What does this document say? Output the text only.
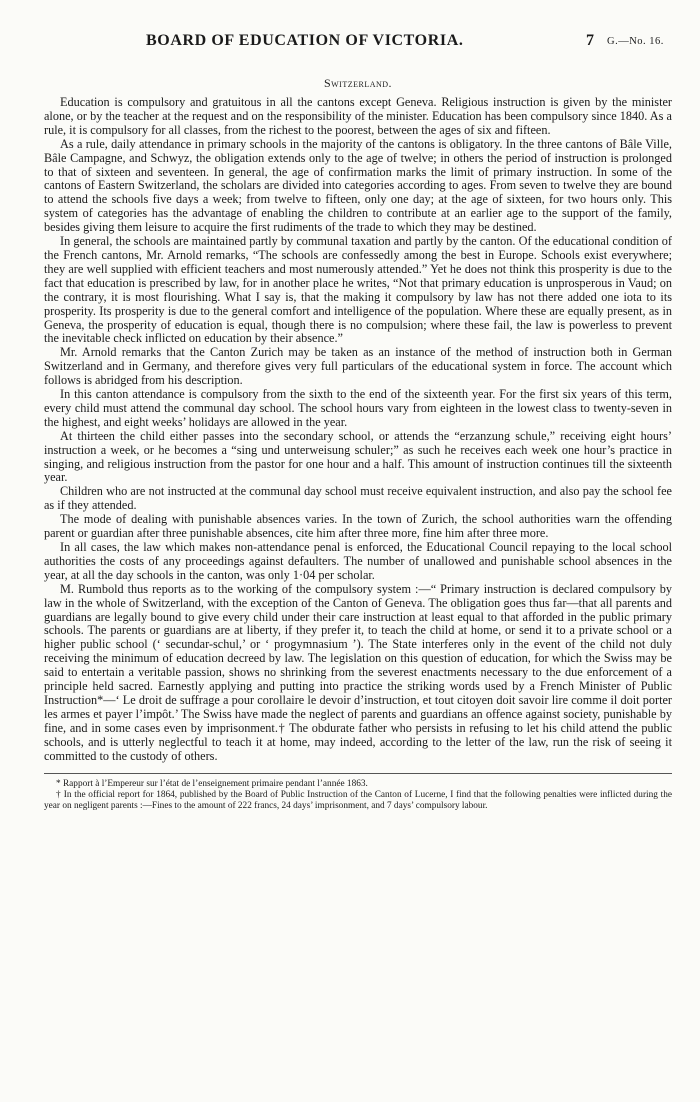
BOARD OF EDUCATION OF VICTORIA.	7 G.—No. 16.
Switzerland.

Education is compulsory and gratuitous in all the cantons except Geneva. Religious instruction is given by the minister alone, or by the teacher at the request and on the responsibility of the minister. Education has been compulsory since 1840. As a rule, it is compulsory for all classes, from the richest to the poorest, between the ages of six and fifteen.

As a rule, daily attendance in primary schools in the majority of the cantons is obligatory. In the three cantons of Bâle Ville, Bâle Campagne, and Schwyz, the obligation extends only to the age of twelve; in others the period of instruction is prolonged to that of sixteen and seventeen. In general, the age of confirmation marks the limit of primary instruction. In some of the cantons of Eastern Switzerland, the scholars are divided into categories according to ages. From seven to twelve they are bound to attend the schools five days a week; from twelve to fifteen, only one day; at the age of sixteen, for two hours only. This system of categories has the advantage of enabling the children to contribute at an earlier age to the support of the family, besides giving them leisure to acquire the first rudiments of the trade to which they may be destined.

In general, the schools are maintained partly by communal taxation and partly by the canton. Of the educational condition of the French cantons, Mr. Arnold remarks, “The schools are confessedly among the best in Europe. Schools exist everywhere; they are well supplied with efficient teachers and most numerously attended.” Yet he does not think this prosperity is due to the fact that education is prescribed by law, for in another place he writes, “Not that primary education is unprosperous in Vaud; on the contrary, it is most flourishing. What I say is, that the making it compulsory by law has not there added one iota to its prosperity. Its prosperity is due to the general comfort and intelligence of the population. Where these are equally present, as in Geneva, the prosperity of education is equal, though there is no compulsion; where these fail, the law is powerless to prevent the inevitable check inflicted on education by their absence.”

Mr. Arnold remarks that the Canton Zurich may be taken as an instance of the method of instruction both in German Switzerland and in Germany, and therefore gives very full particulars of the educational system in force. The account which follows is abridged from his description.

In this canton attendance is compulsory from the sixth to the end of the sixteenth year. For the first six years of this term, every child must attend the communal day school. The school hours vary from eighteen in the lowest class to twenty-seven in the highest, and eight weeks’ holidays are allowed in the year.

At thirteen the child either passes into the secondary school, or attends the “erzanzung schule,” receiving eight hours’ instruction a week, or he becomes a “sing und unterweisung schuler;” as such he receives each week one hour’s practice in singing, and religious instruction from the pastor for one hour and a half. This amount of instruction continues till the sixteenth year.

Children who are not instructed at the communal day school must receive equivalent instruction, and also pay the school fee as if they attended.

The mode of dealing with punishable absences varies. In the town of Zurich, the school authorities warn the offending parent or guardian after three punishable absences, cite him after three more, fine him after three more.

In all cases, the law which makes non-attendance penal is enforced, the Educational Council repaying to the local school authorities the costs of any proceedings against defaulters. The number of unallowed and punishable school absences in the year, at all the day schools in the canton, was only 1·04 per scholar.

M. Rumbold thus reports as to the working of the compulsory system :—“ Primary instruction is declared compulsory by law in the whole of Switzerland, with the exception of the Canton of Geneva. The obligation goes thus far—that all parents and guardians are legally bound to give every child under their care instruction at least equal to that afforded in the public primary schools. The parents or guardians are at liberty, if they prefer it, to teach the child at home, or send it to a private school or a higher public school (‘ secundar-schul,’ or ‘ progymnasium ’). The State interferes only in the event of the child not duly receiving the minimum of education decreed by law. The legislation on this question of education, for which the Swiss may be said to entertain a veritable passion, shows no shrinking from the severest enactments necessary to the due enforcement of a principle held sacred. Earnestly applying and putting into practice the striking words used by a French Minister of Public Instruction*—‘ Le droit de suffrage a pour corollaire le devoir d’instruction, et tout citoyen doit savoir lire comme il doit porter les armes et payer l’impôt.’ The Swiss have made the neglect of parents and guardians an offence against society, punishable by fine, and in some cases even by imprisonment.† The obdurate father who persists in refusing to let his child attend the public schools, and is utterly neglectful to teach it at home, may indeed, according to the letter of the law, run the risk of seeing it committed to the custody of others.

* Rapport à l’Empereur sur l’état de l’enseignement primaire pendant l’année 1863.

† In the official report for 1864, published by the Board of Public Instruction of the Canton of Lucerne, I find that the following penalties were inflicted during the year on negligent parents :—Fines to the amount of 222 francs, 24 days’ imprisonment, and 7 days’ compulsory labour.
